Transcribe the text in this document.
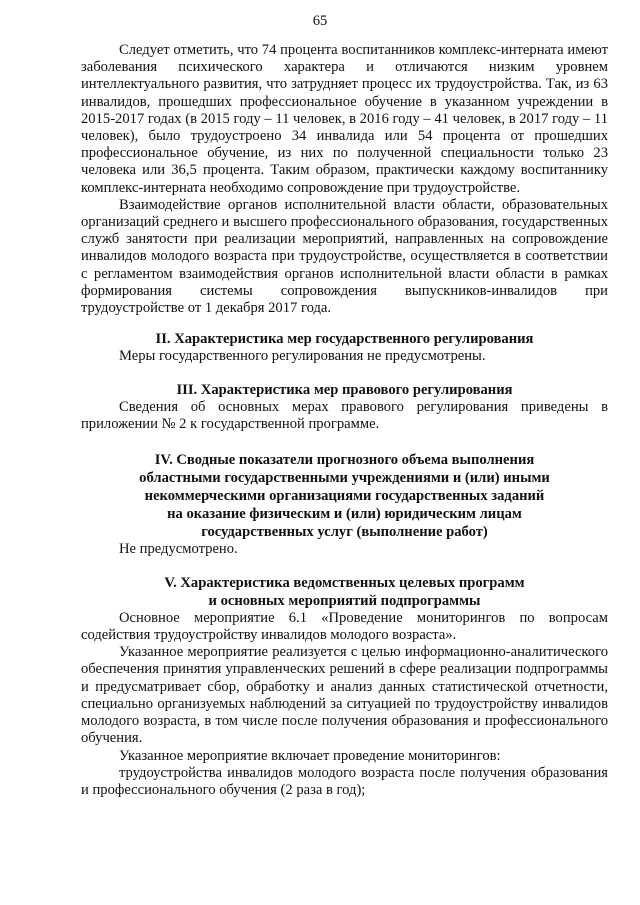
65

Следует отметить, что 74 процента воспитанников комплекс-интерната имеют заболевания психического характера и отличаются низким уровнем интеллектуального развития, что затрудняет процесс их трудоустройства. Так, из 63 инвалидов, прошедших профессиональное обучение в указанном учреждении в 2015-2017 годах (в 2015 году – 11 человек, в 2016 году – 41 человек, в 2017 году – 11 человек), было трудоустроено 34 инвалида или 54 процента от прошедших профессиональное обучение, из них по полученной специальности только 23 человека или 36,5 процента. Таким образом, практически каждому воспитаннику комплекс-интерната необходимо сопровождение при трудоустройстве.

Взаимодействие органов исполнительной власти области, образовательных организаций среднего и высшего профессионального образования, государственных служб занятости при реализации мероприятий, направленных на сопровождение инвалидов молодого возраста при трудоустройстве, осуществляется в соответствии с регламентом взаимодействия органов исполнительной власти области в рамках формирования системы сопровождения выпускников-инвалидов при трудоустройстве от 1 декабря 2017 года.

II. Характеристика мер государственного регулирования

Меры государственного регулирования не предусмотрены.

III. Характеристика мер правового регулирования

Сведения об основных мерах правового регулирования приведены в приложении № 2 к государственной программе.

IV. Сводные показатели прогнозного объема выполнения
областными государственными учреждениями и (или) иными
некоммерческими организациями государственных заданий
на оказание физическим и (или) юридическим лицам
государственных услуг (выполнение работ)

Не предусмотрено.

V. Характеристика ведомственных целевых программ
и основных мероприятий подпрограммы

Основное мероприятие 6.1 «Проведение мониторингов по вопросам содействия трудоустройству инвалидов молодого возраста».

Указанное мероприятие реализуется с целью информационно-аналитического обеспечения принятия управленческих решений в сфере реализации подпрограммы и предусматривает сбор, обработку и анализ данных статистической отчетности, специально организуемых наблюдений за ситуацией по трудоустройству инвалидов молодого возраста, в том числе после получения образования и профессионального обучения.

Указанное мероприятие включает проведение мониторингов:

трудоустройства инвалидов молодого возраста после получения образования и профессионального обучения (2 раза в год);
